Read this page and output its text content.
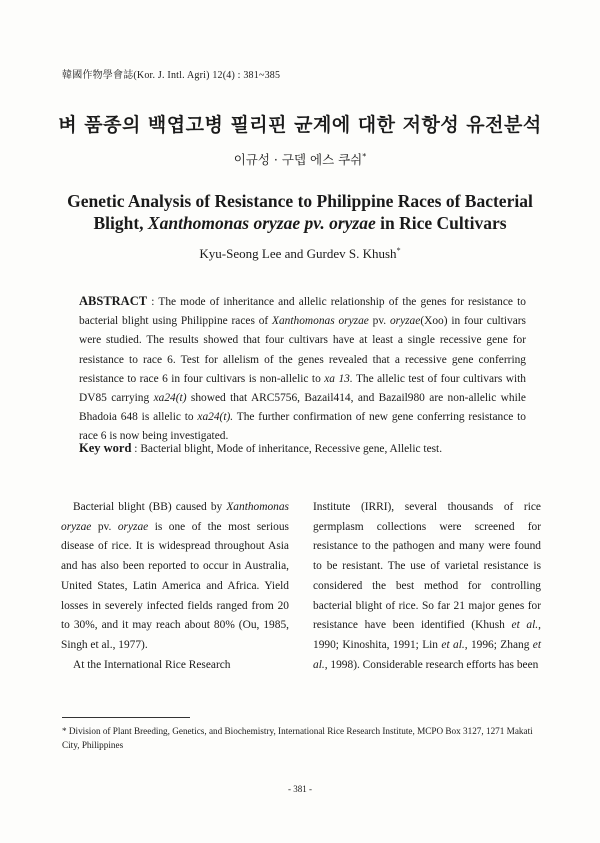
韓國作物學會誌(Kor. J. Intl. Agri) 12(4) : 381~385
벼 품종의 백엽고병 필리핀 균계에 대한 저항성 유전분석
이규성 · 구뎁 에스 쿠쉬*
Genetic Analysis of Resistance to Philippine Races of Bacterial
Blight, Xanthomonas oryzae pv. oryzae in Rice Cultivars
Kyu-Seong Lee and Gurdev S. Khush*
ABSTRACT : The mode of inheritance and allelic relationship of the genes for resistance to bacterial blight using Philippine races of Xanthomonas oryzae pv. oryzae(Xoo) in four cultivars were studied. The results showed that four cultivars have at least a single recessive gene for resistance to race 6. Test for allelism of the genes revealed that a recessive gene conferring resistance to race 6 in four cultivars is non-allelic to xa 13. The allelic test of four cultivars with DV85 carrying xa24(t) showed that ARC5756, Bazail414, and Bazail980 are non-allelic while Bhadoia 648 is allelic to xa24(t). The further confirmation of new gene conferring resistance to race 6 is now being investigated.
Key word : Bacterial blight, Mode of inheritance, Recessive gene, Allelic test.

Bacterial blight (BB) caused by Xanthomonas oryzae pv. oryzae is one of the most serious disease of rice. It is widespread throughout Asia and has also been reported to occur in Australia, United States, Latin America and Africa. Yield losses in severely infected fields ranged from 20 to 30%, and it may reach about 80% (Ou, 1985, Singh et al., 1977).

At the International Rice Research

Institute (IRRI), several thousands of rice germplasm collections were screened for resistance to the pathogen and many were found to be resistant. The use of varietal resistance is considered the best method for controlling bacterial blight of rice. So far 21 major genes for resistance have been identified (Khush et al., 1990; Kinoshita, 1991; Lin et al., 1996; Zhang et al., 1998). Considerable research efforts has been

* Division of Plant Breeding, Genetics, and Biochemistry, International Rice Research Institute, MCPO Box 3127, 1271 Makati City, Philippines
- 381 -
